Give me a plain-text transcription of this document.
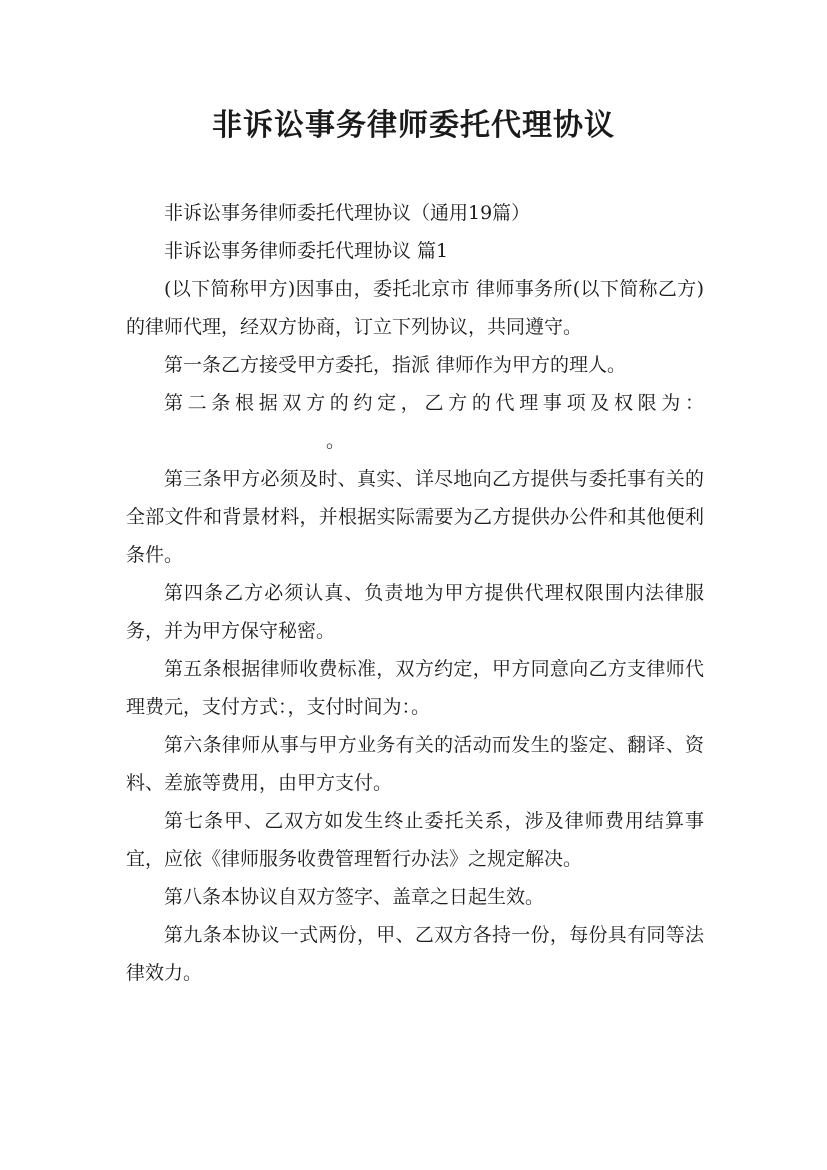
非诉讼事务律师委托代理协议

非诉讼事务律师委托代理协议（通用19篇）

非诉讼事务律师委托代理协议 篇1

(以下简称甲方)因事由，委托北京市 律师事务所(以下简称乙方)的律师代理，经双方协商，订立下列协议，共同遵守。

第一条乙方接受甲方委托，指派 律师作为甲方的理人。

第二条根据双方的约定，乙方的代理事项及权限为：。

第三条甲方必须及时、真实、详尽地向乙方提供与委托事有关的全部文件和背景材料，并根据实际需要为乙方提供办公件和其他便利条件。

第四条乙方必须认真、负责地为甲方提供代理权限围内法律服务，并为甲方保守秘密。

第五条根据律师收费标准，双方约定，甲方同意向乙方支律师代理费元，支付方式：，支付时间为：。

第六条律师从事与甲方业务有关的活动而发生的鉴定、翻译、资料、差旅等费用，由甲方支付。

第七条甲、乙双方如发生终止委托关系，涉及律师费用结算事宜，应依《律师服务收费管理暂行办法》之规定解决。

第八条本协议自双方签字、盖章之日起生效。

第九条本协议一式两份，甲、乙双方各持一份，每份具有同等法律效力。
